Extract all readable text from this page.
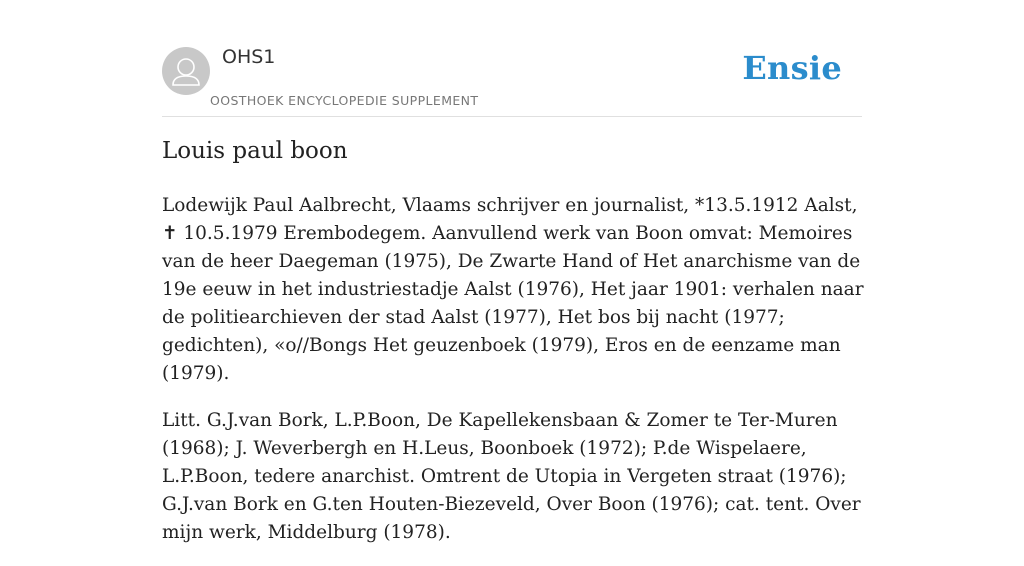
OHS1
OOSTHOEK ENCYCLOPEDIE SUPPLEMENT
Ensie
Louis paul boon

Lodewijk Paul Aalbrecht, Vlaams schrijver en journalist, *13.5.1912 Aalst, ✝ 10.5.1979 Erembodegem. Aanvullend werk van Boon omvat: Memoires van de heer Daegeman (1975), De Zwarte Hand of Het anarchisme van de 19e eeuw in het industriestadje Aalst (1976), Het jaar 1901: verhalen naar de politiearchieven der stad Aalst (1977), Het bos bij nacht (1977; gedichten), «o//Bongs Het geuzenboek (1979), Eros en de eenzame man (1979).

Litt. G.J.van Bork, L.P.Boon, De Kapellekensbaan & Zomer te Ter-Muren (1968); J. Weverbergh en H.Leus, Boonboek (1972); P.de Wispelaere, L.P.Boon, tedere anarchist. Omtrent de Utopia in Vergeten straat (1976); G.J.van Bork en G.ten Houten-Biezeveld, Over Boon (1976); cat. tent. Over mijn werk, Middelburg (1978).
